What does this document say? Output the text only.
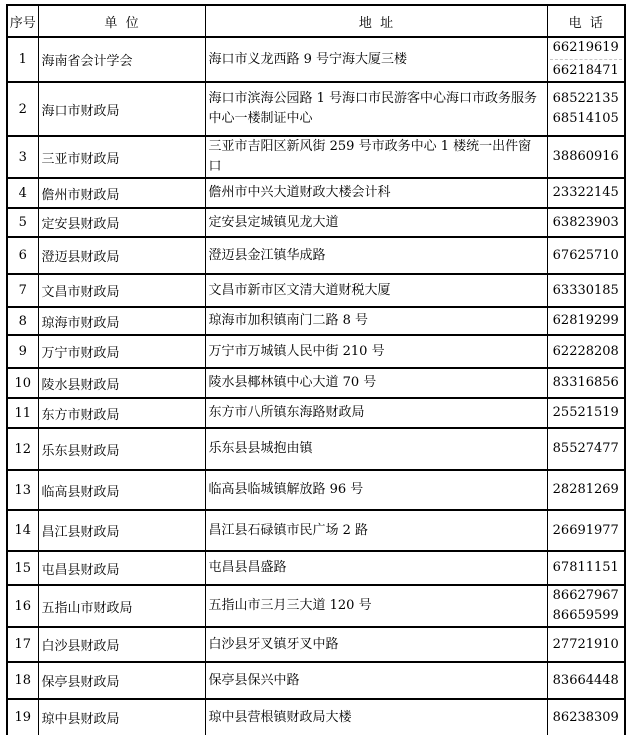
序号	单  位	地  址	电  话
1	海南省会计学会	海口市义龙西路 9 号宁海大厦三楼	66219619
66218471

2	海口市财政局	海口市滨海公园路 1 号海口市民游客中心海口市政务服务中心一楼制证中心	68522135
68514105

3	三亚市财政局	三亚市吉阳区新风街 259 号市政务中心 1 楼统一出件窗口	38860916

4	儋州市财政局	儋州市中兴大道财政大楼会计科	23322145

5	定安县财政局	定安县定城镇见龙大道	63823903

6	澄迈县财政局	澄迈县金江镇华成路	67625710

7	文昌市财政局	文昌市新市区文清大道财税大厦	63330185

8	琼海市财政局	琼海市加积镇南门二路 8 号	62819299

9	万宁市财政局	万宁市万城镇人民中街 210 号	62228208

10	陵水县财政局	陵水县椰林镇中心大道 70 号	83316856

11	东方市财政局	东方市八所镇东海路财政局	25521519

12	乐东县财政局	乐东县县城抱由镇	85527477

13	临高县财政局	临高县临城镇解放路 96 号	28281269

14	昌江县财政局	昌江县石碌镇市民广场 2 路	26691977

15	屯昌县财政局	屯昌县昌盛路	67811151

16	五指山市财政局	五指山市三月三大道 120 号	86627967
86659599

17	白沙县财政局	白沙县牙叉镇牙叉中路	27721910

18	保亭县财政局	保亭县保兴中路	83664448

19	琼中县财政局	琼中县营根镇财政局大楼	86238309
